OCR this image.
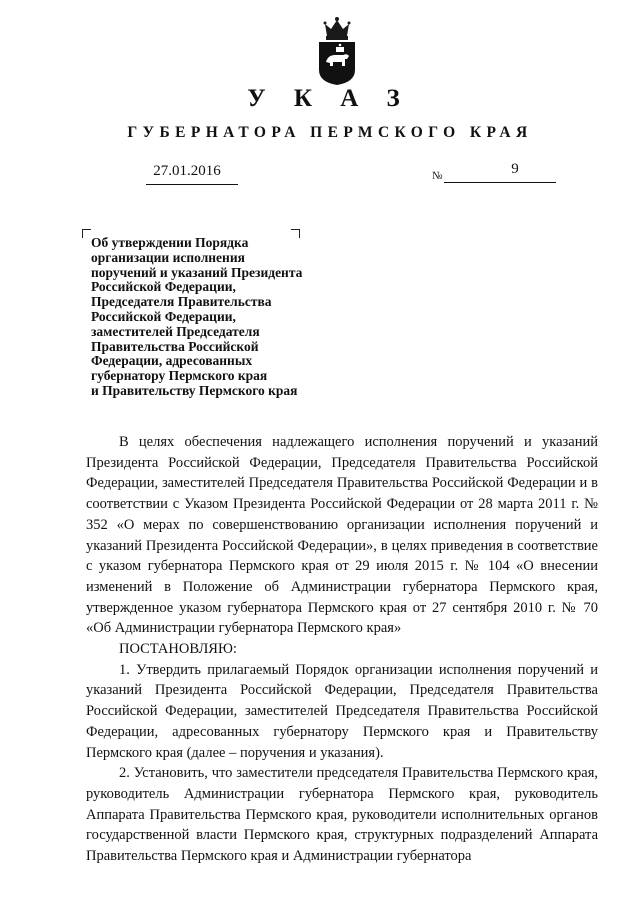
У К А З
ГУБЕРНАТОРА ПЕРМСКОГО КРАЯ
27.01.2016	№	9
Об утверждении Порядка
организации исполнения
поручений и указаний Президента
Российской Федерации,
Председателя Правительства
Российской Федерации,
заместителей Председателя
Правительства Российской
Федерации, адресованных
губернатору Пермского края
и Правительству Пермского края

В целях обеспечения надлежащего исполнения поручений и указаний Президента Российской Федерации, Председателя Правительства Российской Федерации, заместителей Председателя Правительства Российской Федерации и в соответствии с Указом Президента Российской Федерации от 28 марта 2011 г. № 352 «О мерах по совершенствованию организации исполнения поручений и указаний Президента Российской Федерации», в целях приведения в соответствие с указом губернатора Пермского края от 29 июля 2015 г. № 104 «О внесении изменений в Положение об Администрации губернатора Пермского края, утвержденное указом губернатора Пермского края от 27 сентября 2010 г. № 70 «Об Администрации губернатора Пермского края»

ПОСТАНОВЛЯЮ:

1. Утвердить прилагаемый Порядок организации исполнения поручений и указаний Президента Российской Федерации, Председателя Правительства Российской Федерации, заместителей Председателя Правительства Российской Федерации, адресованных губернатору Пермского края и Правительству Пермского края (далее – поручения и указания).

2. Установить, что заместители председателя Правительства Пермского края, руководитель Администрации губернатора Пермского края, руководитель Аппарата Правительства Пермского края, руководители исполнительных органов государственной власти Пермского края, структурных подразделений Аппарата Правительства Пермского края и Администрации губернатора
